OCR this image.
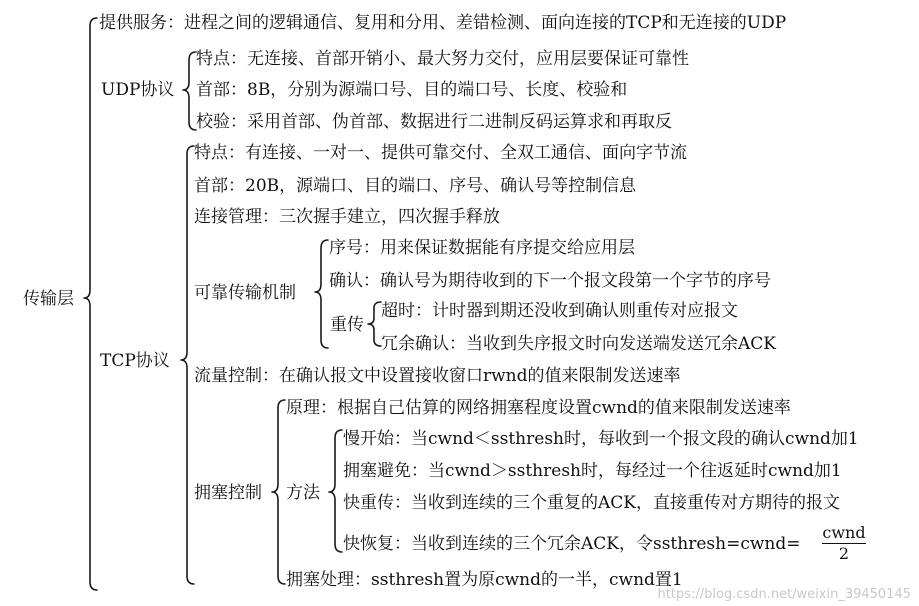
传输层
提供服务：进程之间的逻辑通信、复用和分用、差错检测、面向连接的TCP和无连接的UDP
UDP协议
特点：无连接、首部开销小、最大努力交付，应用层要保证可靠性
首部：8B，分别为源端口号、目的端口号、长度、校验和
校验：采用首部、伪首部、数据进行二进制反码运算求和再取反
TCP协议
特点：有连接、一对一、提供可靠交付、全双工通信、面向字节流
首部：20B，源端口、目的端口、序号、确认号等控制信息
连接管理：三次握手建立，四次握手释放
可靠传输机制
序号：用来保证数据能有序提交给应用层
确认：确认号为期待收到的下一个报文段第一个字节的序号
重传
超时：计时器到期还没收到确认则重传对应报文
冗余确认：当收到失序报文时向发送端发送冗余ACK
流量控制：在确认报文中设置接收窗口rwnd的值来限制发送速率
拥塞控制
原理：根据自己估算的网络拥塞程度设置cwnd的值来限制发送速率
方法
慢开始：当cwnd＜ssthresh时，每收到一个报文段的确认cwnd加1
拥塞避免：当cwnd＞ssthresh时，每经过一个往返延时cwnd加1
快重传：当收到连续的三个重复的ACK，直接重传对方期待的报文
快恢复：当收到连续的三个冗余ACK，令ssthresh=cwnd=
cwnd
2
拥塞处理：ssthresh置为原cwnd的一半，cwnd置1
https://blog.csdn.net/weixin_39450145
